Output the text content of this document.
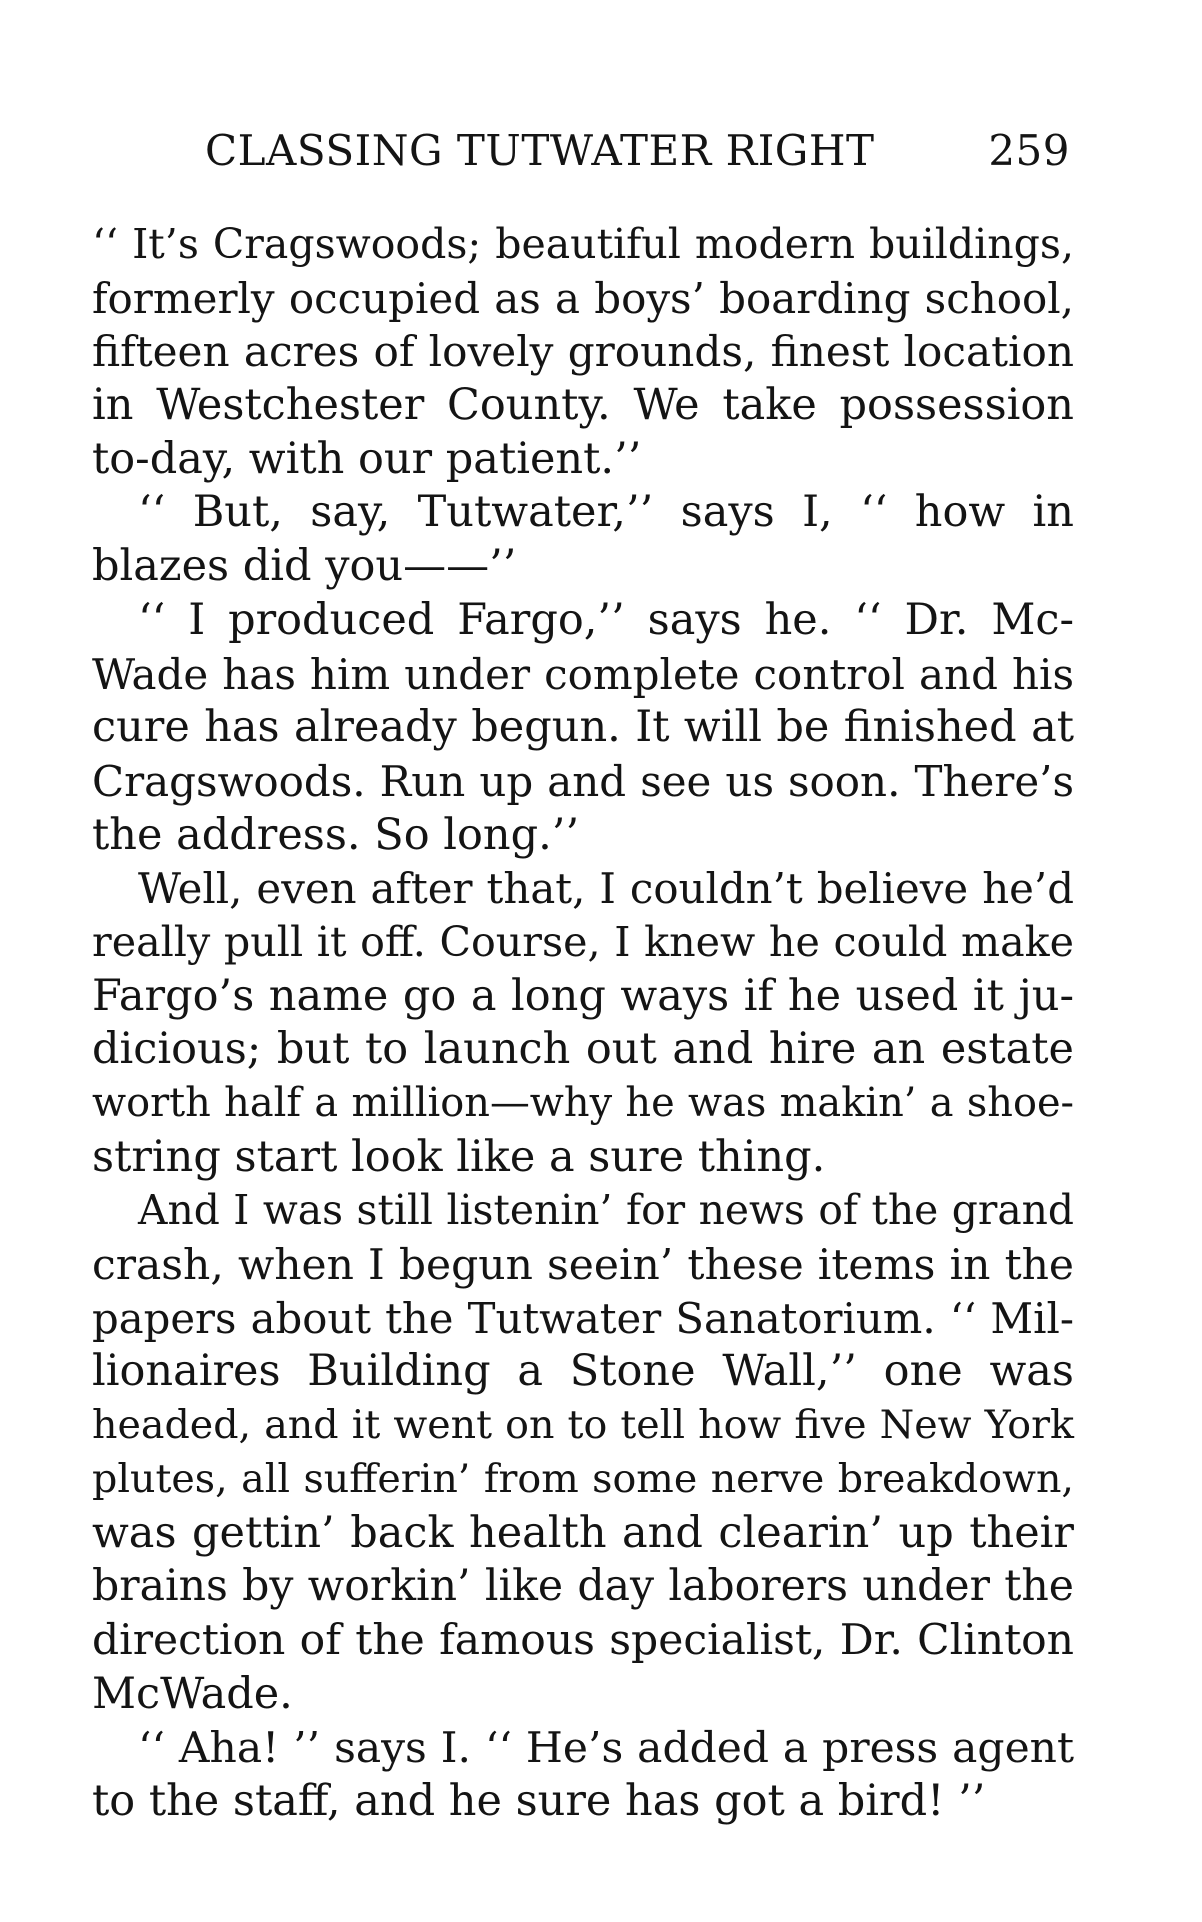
CLASSING TUTWATER RIGHT	259
‘‘ It’s Cragswoods; beautiful modern buildings,
formerly occupied as a boys’ boarding school,
fifteen acres of lovely grounds, finest location
in Westchester County. We take possession
to-day, with our patient.’’
‘‘ But, say, Tutwater,’’ says I, ‘‘ how in
blazes did you——’’
‘‘ I produced Fargo,’’ says he. ‘‘ Dr. Mc-
Wade has him under complete control and his
cure has already begun. It will be finished at
Cragswoods. Run up and see us soon. There’s
the address. So long.’’
Well, even after that, I couldn’t believe he’d
really pull it off. Course, I knew he could make
Fargo’s name go a long ways if he used it ju-
dicious; but to launch out and hire an estate
worth half a million—why he was makin’ a shoe-
string start look like a sure thing.
And I was still listenin’ for news of the grand
crash, when I begun seein’ these items in the
papers about the Tutwater Sanatorium. ‘‘ Mil-
lionaires Building a Stone Wall,’’ one was
headed, and it went on to tell how five New York
plutes, all sufferin’ from some nerve breakdown,
was gettin’ back health and clearin’ up their
brains by workin’ like day laborers under the
direction of the famous specialist, Dr. Clinton
McWade.
‘‘ Aha! ’’ says I. ‘‘ He’s added a press agent
to the staff, and he sure has got a bird! ’’
